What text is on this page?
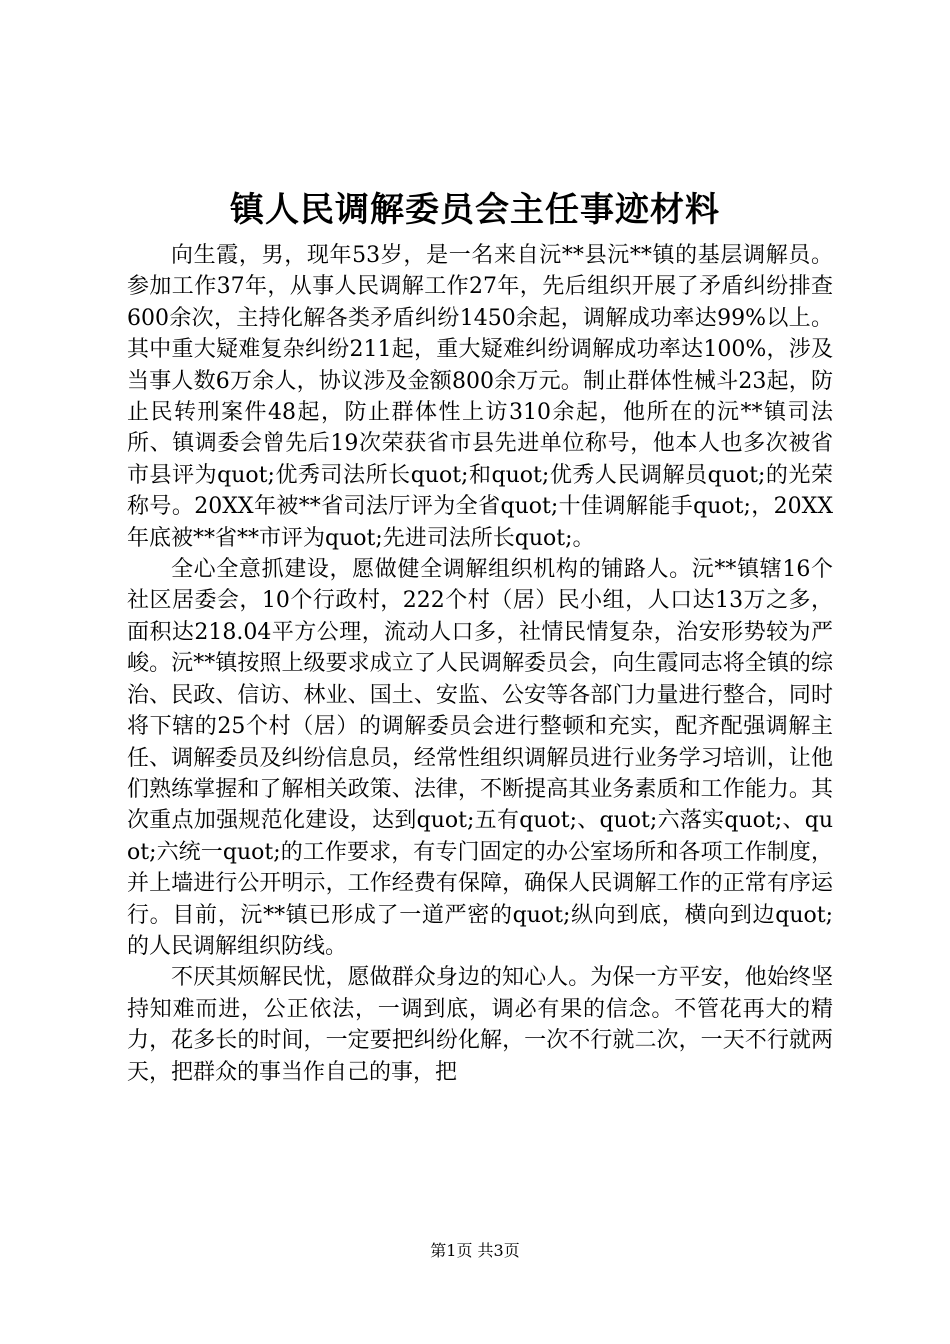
镇人民调解委员会主任事迹材料

向生霞，男，现年53岁，是一名来自沅**县沅**镇的基层调解员。参加工作37年，从事人民调解工作27年，先后组织开展了矛盾纠纷排查600余次，主持化解各类矛盾纠纷1450余起，调解成功率达99%以上。其中重大疑难复杂纠纷211起，重大疑难纠纷调解成功率达100%，涉及当事人数6万余人，协议涉及金额800余万元。制止群体性械斗23起，防止民转刑案件48起，防止群体性上访310余起，他所在的沅**镇司法所、镇调委会曾先后19次荣获省市县先进单位称号，他本人也多次被省市县评为quot;优秀司法所长quot;和quot;优秀人民调解员quot;的光荣称号。20XX年被**省司法厅评为全省quot;十佳调解能手quot;，20XX年底被**省**市评为quot;先进司法所长quot;。

全心全意抓建设，愿做健全调解组织机构的铺路人。沅**镇辖16个社区居委会，10个行政村，222个村（居）民小组，人口达13万之多，面积达218.04平方公理，流动人口多，社情民情复杂，治安形势较为严峻。沅**镇按照上级要求成立了人民调解委员会，向生霞同志将全镇的综治、民政、信访、林业、国土、安监、公安等各部门力量进行整合，同时将下辖的25个村（居）的调解委员会进行整顿和充实，配齐配强调解主任、调解委员及纠纷信息员，经常性组织调解员进行业务学习培训，让他们熟练掌握和了解相关政策、法律，不断提高其业务素质和工作能力。其次重点加强规范化建设，达到quot;五有quot;、quot;六落实quot;、quot;六统一quot;的工作要求，有专门固定的办公室场所和各项工作制度，并上墙进行公开明示，工作经费有保障，确保人民调解工作的正常有序运行。目前，沅**镇已形成了一道严密的quot;纵向到底，横向到边quot;的人民调解组织防线。

不厌其烦解民忧，愿做群众身边的知心人。为保一方平安，他始终坚持知难而进，公正依法，一调到底，调必有果的信念。不管花再大的精力，花多长的时间，一定要把纠纷化解，一次不行就二次，一天不行就两天，把群众的事当作自己的事，把

第1页 共3页
